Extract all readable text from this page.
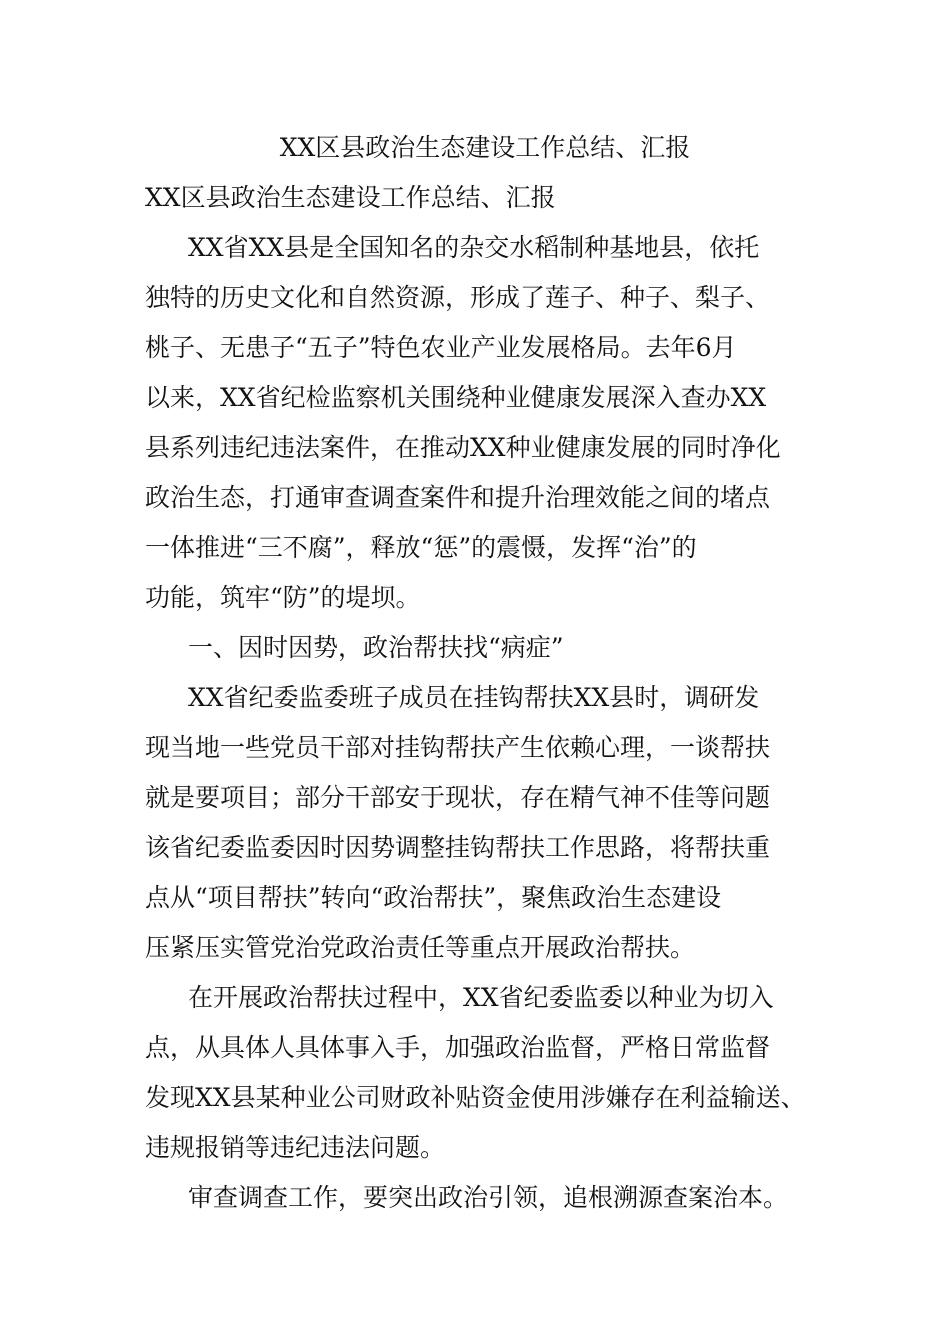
XX区县政治生态建设工作总结、汇报
XX区县政治生态建设工作总结、汇报
XX省XX县是全国知名的杂交水稻制种基地县，依托
独特的历史文化和自然资源，形成了莲子、种子、梨子、
桃子、无患子“五子”特色农业产业发展格局。去年6月
以来，XX省纪检监察机关围绕种业健康发展深入查办XX
县系列违纪违法案件，在推动XX种业健康发展的同时净化
政治生态，打通审查调查案件和提升治理效能之间的堵点
一体推进“三不腐”，释放“惩”的震慑，发挥“治”的
功能，筑牢“防”的堤坝。
一、因时因势，政治帮扶找“病症”
XX省纪委监委班子成员在挂钩帮扶XX县时，调研发
现当地一些党员干部对挂钩帮扶产生依赖心理，一谈帮扶
就是要项目；部分干部安于现状，存在精气神不佳等问题
该省纪委监委因时因势调整挂钩帮扶工作思路，将帮扶重
点从“项目帮扶”转向“政治帮扶”，聚焦政治生态建设
压紧压实管党治党政治责任等重点开展政治帮扶。
在开展政治帮扶过程中，XX省纪委监委以种业为切入
点，从具体人具体事入手，加强政治监督，严格日常监督
发现XX县某种业公司财政补贴资金使用涉嫌存在利益输送、
违规报销等违纪违法问题。
审查调查工作，要突出政治引领，追根溯源查案治本。
